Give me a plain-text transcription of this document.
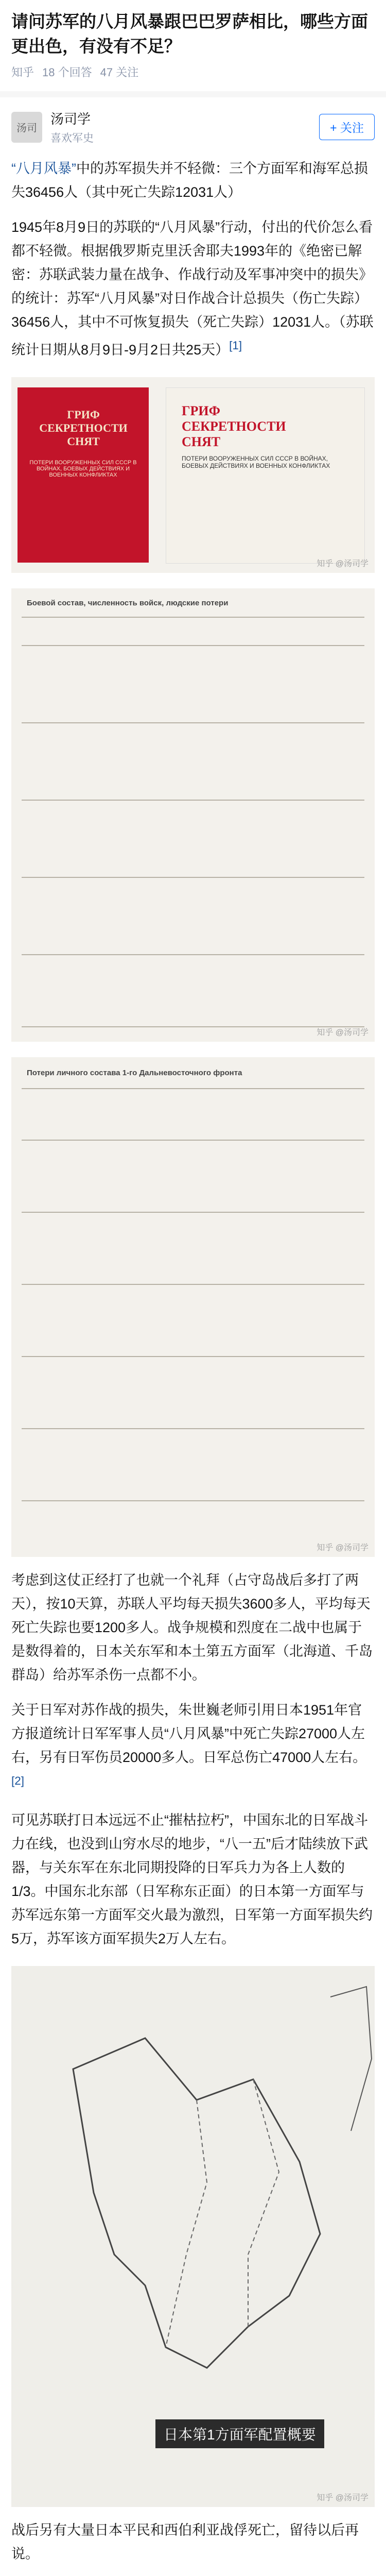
请问苏军的八月风暴跟巴巴罗萨相比，哪些方面更出色，有没有不足？
知乎 18 个回答 47 关注
汤司
汤司学
喜欢军史
+ 关注

“八月风暴”中的苏军损失并不轻微：三个方面军和海军总损失36456人（其中死亡失踪12031人）

1945年8月9日的苏联的“八月风暴”行动，付出的代价怎么看都不轻微。根据俄罗斯克里沃舍耶夫1993年的《绝密已解密：苏联武装力量在战争、作战行动及军事冲突中的损失》的统计：苏军“八月风暴”对日作战合计总损失（伤亡失踪）36456人，其中不可恢复损失（死亡失踪）12031人。（苏联统计日期从8月9日-9月2日共25天）[1]

ГРИФ СЕКРЕТНОСТИ СНЯТ
ПОТЕРИ ВООРУЖЕННЫХ СИЛ СССР В ВОЙНАХ, БОЕВЫХ ДЕЙСТВИЯХ И ВОЕННЫХ КОНФЛИКТАХ
ГРИФ СЕКРЕТНОСТИ СНЯТ
ПОТЕРИ ВООРУЖЕННЫХ СИЛ СССР В ВОЙНАХ, БОЕВЫХ ДЕЙСТВИЯХ И ВОЕННЫХ КОНФЛИКТАХ
知乎 @汤司学
Боевой состав, численность войск, людские потери
知乎 @汤司学
Потери личного состава 1-го Дальневосточного фронта
知乎 @汤司学

考虑到这仗正经打了也就一个礼拜（占守岛战后多打了两天），按10天算，苏联人平均每天损失3600多人，平均每天死亡失踪也要1200多人。战争规模和烈度在二战中也属于是数得着的，日本关东军和本土第五方面军（北海道、千岛群岛）给苏军杀伤一点都不小。

关于日军对苏作战的损失，朱世巍老师引用日本1951年官方报道统计日军军事人员“八月风暴”中死亡失踪27000人左右，另有日军伤员20000多人。日军总伤亡47000人左右。[2]

可见苏联打日本远远不止“摧枯拉朽”，中国东北的日军战斗力在线，也没到山穷水尽的地步，“八一五”后才陆续放下武器，与关东军在东北同期投降的日军兵力为各上人数的1/3。中国东北东部（日军称东正面）的日本第一方面军与苏军远东第一方面军交火最为激烈，日军第一方面军损失约5万，苏军该方面军损失2万人左右。

日本第1方面军配置概要
知乎 @汤司学

战后另有大量日本平民和西伯利亚战俘死亡，留待以后再说。
